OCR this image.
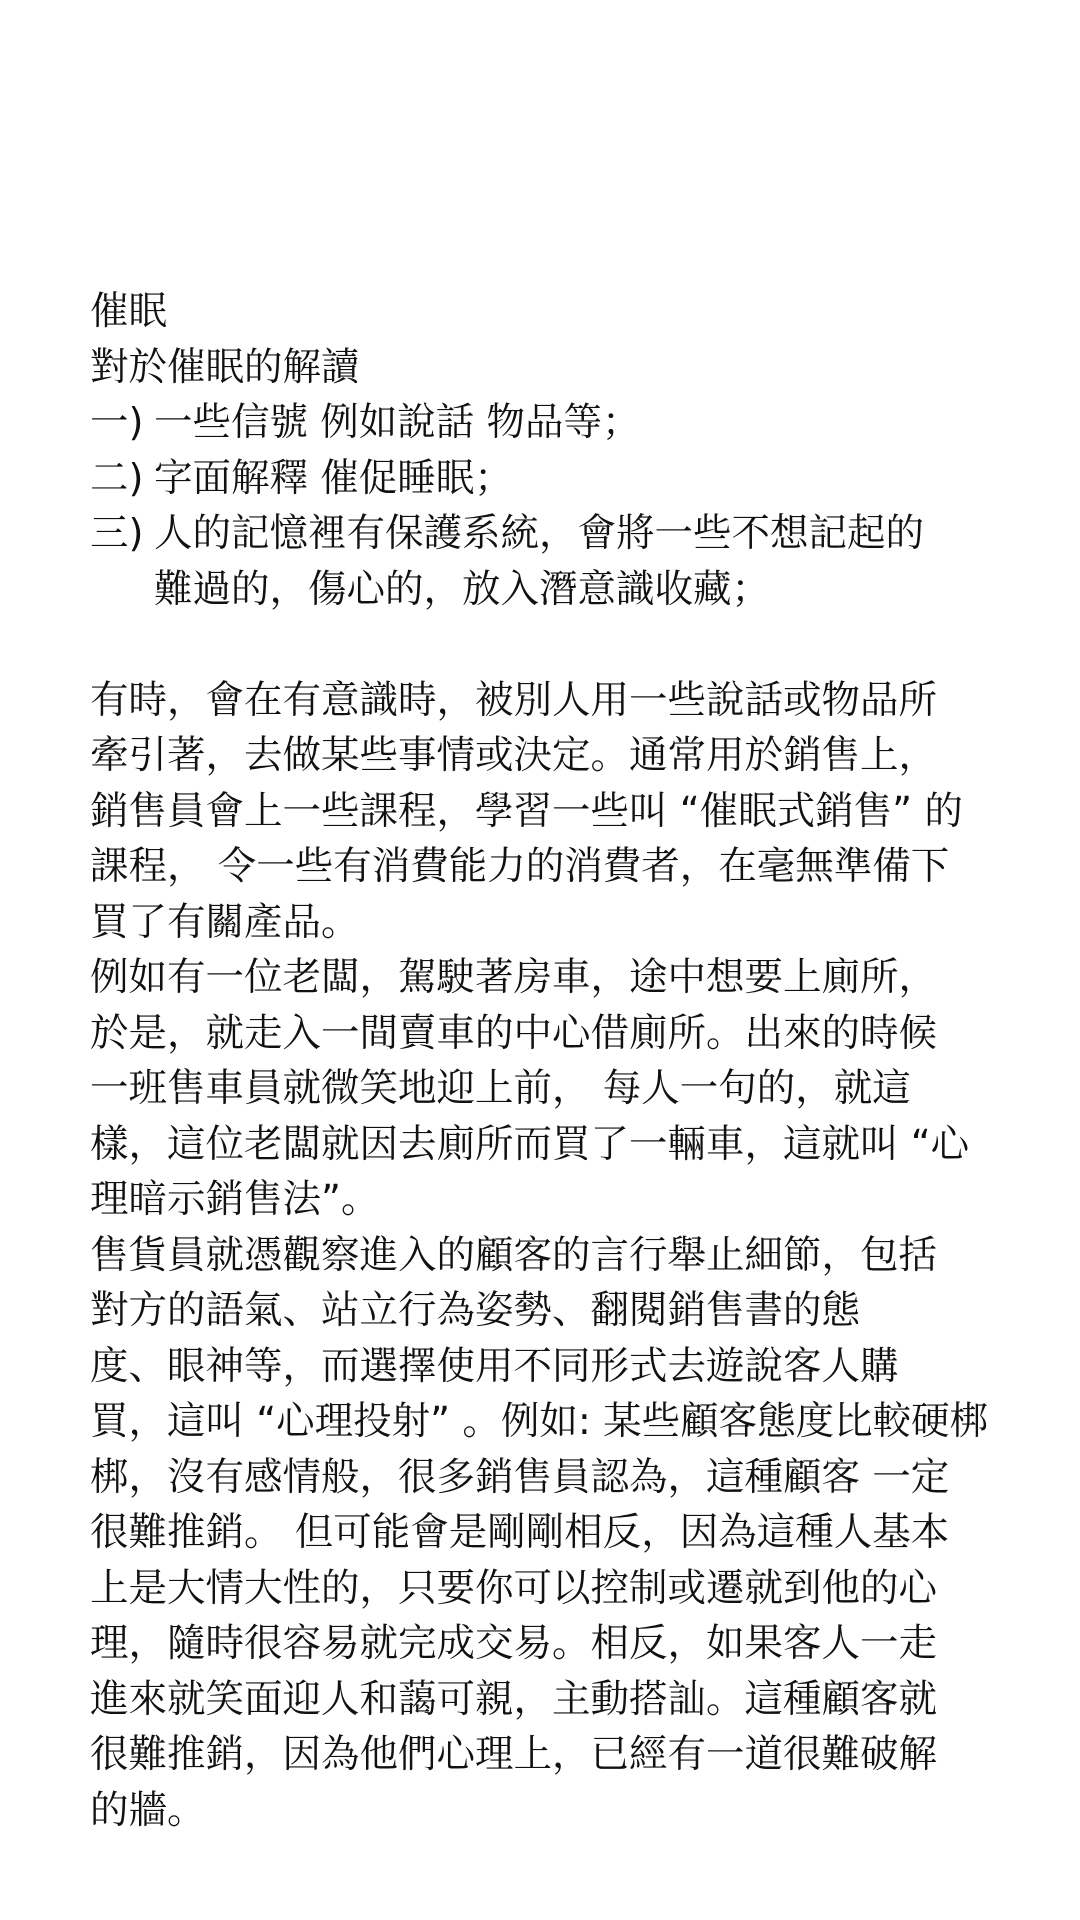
催眠
對於催眠的解讀
一) 一些信號 例如說話 物品等；
二) 字面解釋 催促睡眠；
三) 人的記憶裡有保護系統，會將一些不想記起的
難過的，傷心的，放入潛意識收藏；
有時，會在有意識時，被別人用一些說話或物品所
牽引著，去做某些事情或決定。通常用於銷售上，
銷售員會上一些課程，學習一些叫 “催眠式銷售” 的
課程， 令一些有消費能力的消費者，在毫無準備下
買了有關產品。
例如有一位老闆，駕駛著房車，途中想要上廁所，
於是，就走入一間賣車的中心借廁所。出來的時候
一班售車員就微笑地迎上前， 每人一句的，就這
樣，這位老闆就因去廁所而買了一輛車，這就叫 “心
理暗示銷售法”。
售貨員就憑觀察進入的顧客的言行舉止細節，包括
對方的語氣、站立行為姿勢、翻閱銷售書的態
度、眼神等，而選擇使用不同形式去遊說客人購
買，這叫 “心理投射” 。例如: 某些顧客態度比較硬梆
梆，沒有感情般，很多銷售員認為，這種顧客 一定
很難推銷。 但可能會是剛剛相反，因為這種人基本
上是大情大性的，只要你可以控制或遷就到他的心
理，隨時很容易就完成交易。相反，如果客人一走
進來就笑面迎人和藹可親，主動搭訕。這種顧客就
很難推銷，因為他們心理上，已經有一道很難破解
的牆。
